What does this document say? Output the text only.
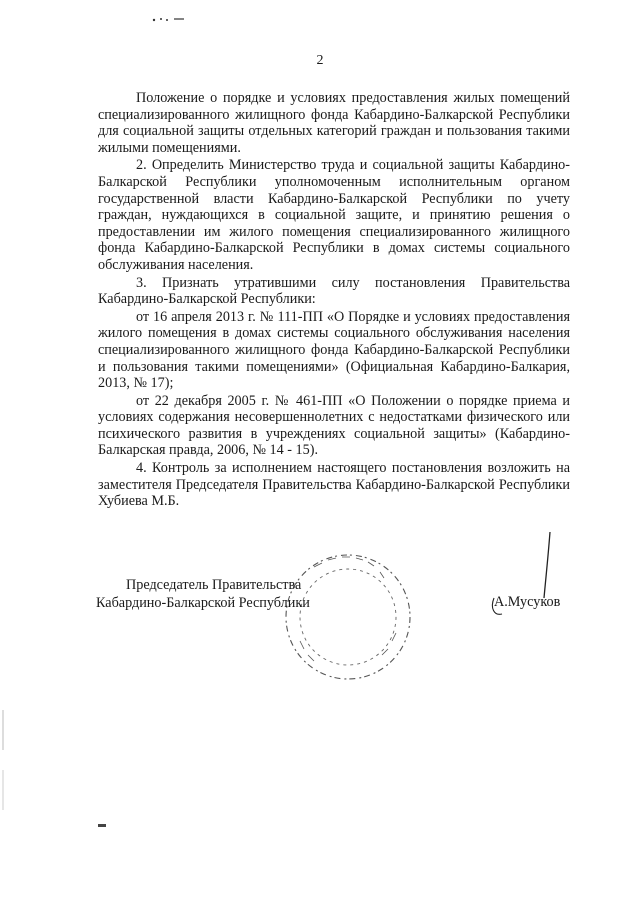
2

Положение о порядке и условиях предоставления жилых помещений специализированного жилищного фонда Кабардино-Балкарской Республики для социальной защиты отдельных категорий граждан и пользования такими жилыми помещениями.

2. Определить Министерство труда и социальной защиты Кабардино-Балкарской Республики уполномоченным исполнительным органом государственной власти Кабардино-Балкарской Республики по учету граждан, нуждающихся в социальной защите, и принятию решения о предоставлении им жилого помещения специализированного жилищного фонда Кабардино-Балкарской Республики в домах системы социального обслуживания населения.

3. Признать утратившими силу постановления Правительства Кабардино-Балкарской Республики:

от 16 апреля 2013 г. № 111-ПП «О Порядке и условиях предоставления жилого помещения в домах системы социального обслуживания населения специализированного жилищного фонда Кабардино-Балкарской Республики и пользования такими помещениями» (Официальная Кабардино-Балкария, 2013, № 17);

от 22 декабря 2005 г. № 461-ПП «О Положении о порядке приема и условиях содержания несовершеннолетних с недостатками физического или психического развития в учреждениях социальной защиты» (Кабардино-Балкарская правда, 2006, № 14 - 15).

4. Контроль за исполнением настоящего постановления возложить на заместителя Председателя Правительства Кабардино-Балкарской Республики Хубиева М.Б.

Председатель Правительства
Кабардино-Балкарской Республики	А.Мусуков
